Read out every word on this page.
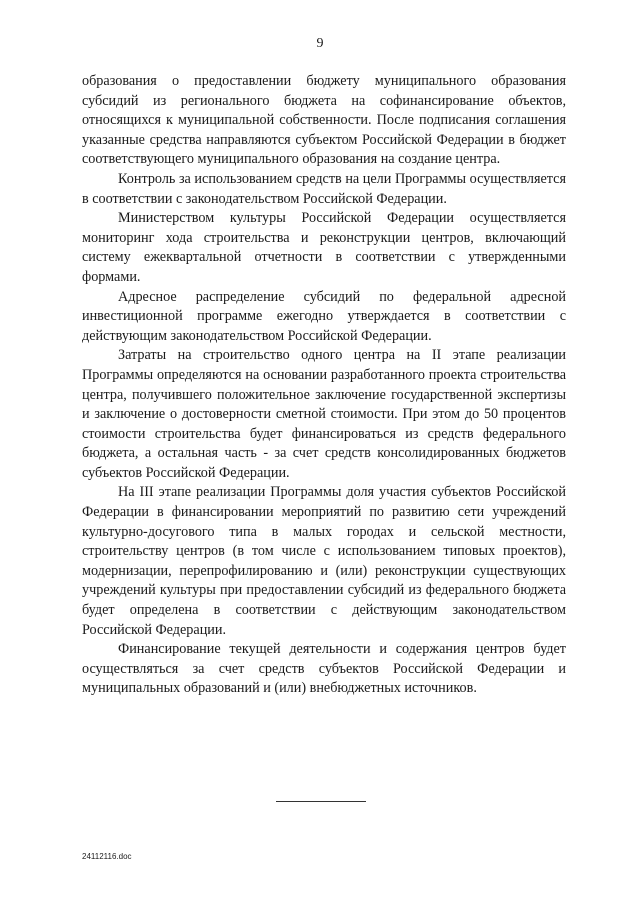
9

образования о предоставлении бюджету муниципального образования субсидий из регионального бюджета на софинансирование объектов, относящихся к муниципальной собственности. После подписания соглашения указанные средства направляются субъектом Российской Федерации в бюджет соответствующего муниципального образования на создание центра.

Контроль за использованием средств на цели Программы осуществляется в соответствии с законодательством Российской Федерации.

Министерством культуры Российской Федерации осуществляется мониторинг хода строительства и реконструкции центров, включающий систему ежеквартальной отчетности в соответствии с утвержденными формами.

Адресное распределение субсидий по федеральной адресной инвестиционной программе ежегодно утверждается в соответствии с действующим законодательством Российской Федерации.

Затраты на строительство одного центра на II этапе реализации Программы определяются на основании разработанного проекта строительства центра, получившего положительное заключение государственной экспертизы и заключение о достоверности сметной стоимости. При этом до 50 процентов стоимости строительства будет финансироваться из средств федерального бюджета, а остальная часть - за счет средств консолидированных бюджетов субъектов Российской Федерации.

На III этапе реализации Программы доля участия субъектов Российской Федерации в финансировании мероприятий по развитию сети учреждений культурно-досугового типа в малых городах и сельской местности, строительству центров (в том числе с использованием типовых проектов), модернизации, перепрофилированию и (или) реконструкции существующих учреждений культуры при предоставлении субсидий из федерального бюджета будет определена в соответствии с действующим законодательством Российской Федерации.

Финансирование текущей деятельности и содержания центров будет осуществляться за счет средств субъектов Российской Федерации и муниципальных образований и (или) внебюджетных источников.

24112116.doc
